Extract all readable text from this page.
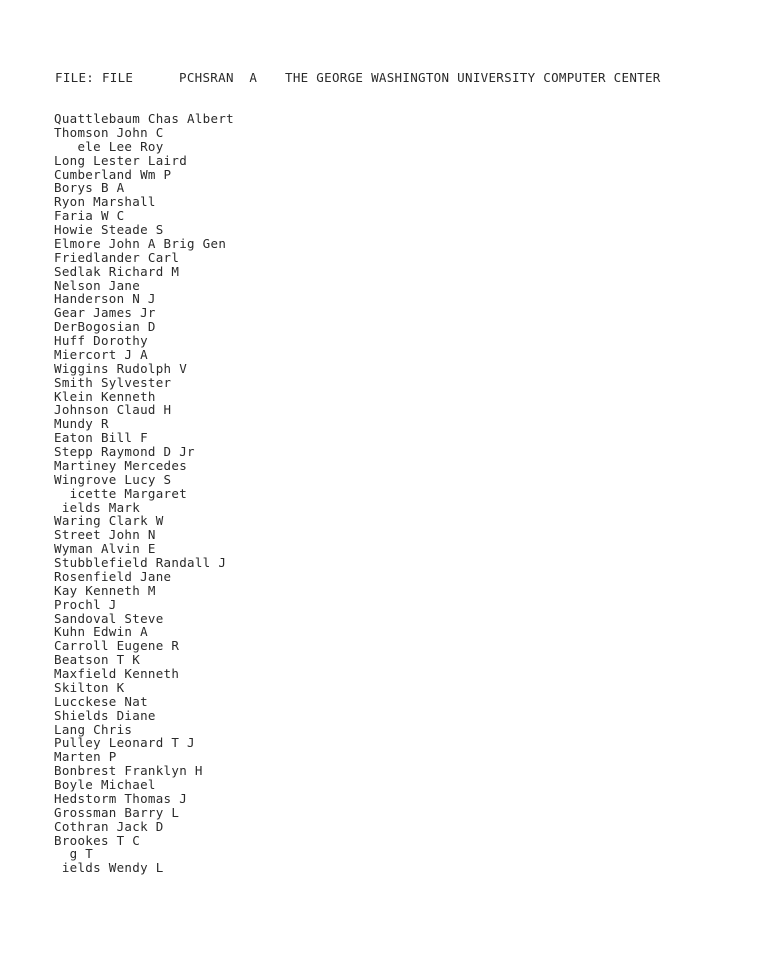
FILE: FILE	PCHSRAN  A THE GEORGE WASHINGTON UNIVERSITY COMPUTER CENTER
Quattlebaum Chas Albert
Thomson John C
ele Lee Roy
Long Lester Laird
Cumberland Wm P
Borys B A
Ryon Marshall
Faria W C
Howie Steade S
Elmore John A Brig Gen
Friedlander Carl
Sedlak Richard M
Nelson Jane
Handerson N J
Gear James Jr
DerBogosian D
Huff Dorothy
Miercort J A
Wiggins Rudolph V
Smith Sylvester
Klein Kenneth
Johnson Claud H
Mundy R
Eaton Bill F
Stepp Raymond D Jr
Martiney Mercedes
Wingrove Lucy S
icette Margaret
ields Mark
Waring Clark W
Street John N
Wyman Alvin E
Stubblefield Randall J
Rosenfield Jane
Kay Kenneth M
Prochl J
Sandoval Steve
Kuhn Edwin A
Carroll Eugene R
Beatson T K
Maxfield Kenneth
Skilton K
Lucckese Nat
Shields Diane
Lang Chris
Pulley Leonard T J
Marten P
Bonbrest Franklyn H
Boyle Michael
Hedstorm Thomas J
Grossman Barry L
Cothran Jack D
Brookes T C
g T
ields Wendy L
